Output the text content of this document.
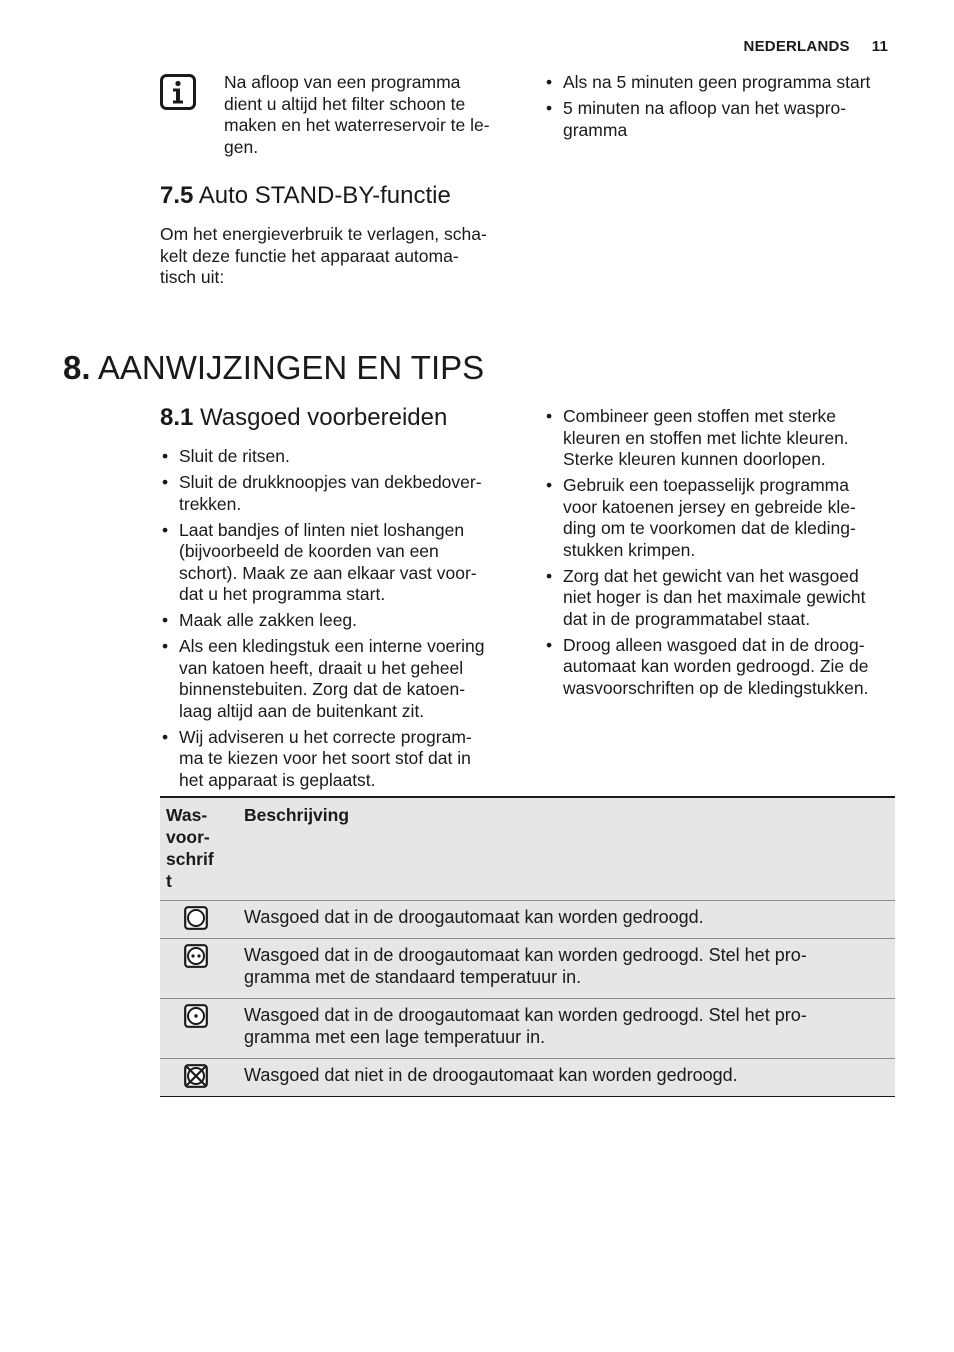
NEDERLANDS 11

Na afloop van een programma

dient u altijd het filter schoon te

maken en het waterreservoir te le-

gen.

7.5 Auto STAND-BY-functie

Om het energieverbruik te verlagen, scha-

kelt deze functie het apparaat automa-

tisch uit:

• Als na 5 minuten geen programma start
• 5 minuten na afloop van het waspro-
gramma
8. AANWIJZINGEN EN TIPS
8.1 Wasgoed voorbereiden
• Sluit de ritsen.
• Sluit de drukknoopjes van dekbedover-
trekken.
• Laat bandjes of linten niet loshangen
(bijvoorbeeld de koorden van een
schort). Maak ze aan elkaar vast voor-
dat u het programma start.
• Maak alle zakken leeg.
• Als een kledingstuk een interne voering
van katoen heeft, draait u het geheel
binnenstebuiten. Zorg dat de katoen-
laag altijd aan de buitenkant zit.
• Wij adviseren u het correcte program-
ma te kiezen voor het soort stof dat in
het apparaat is geplaatst.
• Combineer geen stoffen met sterke
kleuren en stoffen met lichte kleuren.
Sterke kleuren kunnen doorlopen.
• Gebruik een toepasselijk programma
voor katoenen jersey en gebreide kle-
ding om te voorkomen dat de kleding-
stukken krimpen.
• Zorg dat het gewicht van het wasgoed
niet hoger is dan het maximale gewicht
dat in de programmatabel staat.
• Droog alleen wasgoed dat in de droog-
automaat kan worden gedroogd. Zie de
wasvoorschriften op de kledingstukken.
Was-
voor-
schrif
t	Beschrijving

Wasgoed dat in de droogautomaat kan worden gedroogd.

Wasgoed dat in de droogautomaat kan worden gedroogd. Stel het pro-
gramma met de standaard temperatuur in.

Wasgoed dat in de droogautomaat kan worden gedroogd. Stel het pro-
gramma met een lage temperatuur in.

Wasgoed dat niet in de droogautomaat kan worden gedroogd.
